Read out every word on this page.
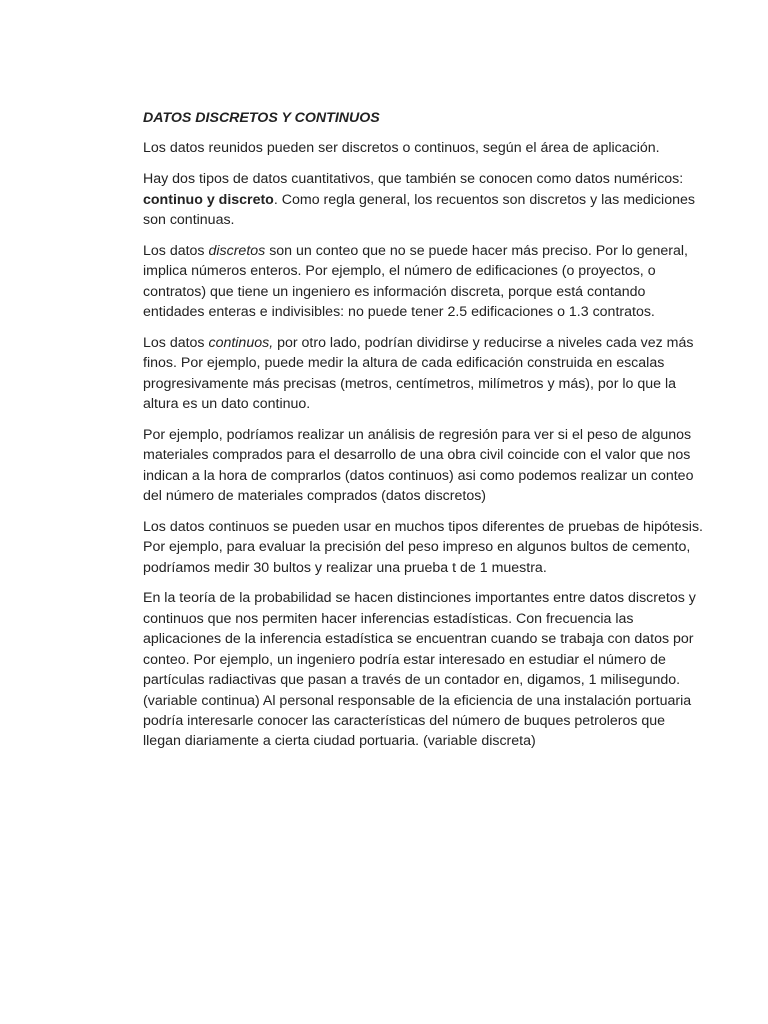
DATOS DISCRETOS Y CONTINUOS

Los datos reunidos pueden ser discretos o continuos, según el área de aplicación.

Hay dos tipos de datos cuantitativos, que también se conocen como datos numéricos: continuo y discreto. Como regla general, los recuentos son discretos y las mediciones son continuas.

Los datos discretos son un conteo que no se puede hacer más preciso. Por lo general, implica números enteros. Por ejemplo, el número de edificaciones (o proyectos, o contratos) que tiene un ingeniero es información discreta, porque está contando entidades enteras e indivisibles: no puede tener 2.5 edificaciones o 1.3 contratos.

Los datos continuos, por otro lado, podrían dividirse y reducirse a niveles cada vez más finos. Por ejemplo, puede medir la altura de cada edificación construida en escalas progresivamente más precisas (metros, centímetros, milímetros y más), por lo que la altura es un dato continuo.

Por ejemplo, podríamos realizar un análisis de regresión para ver si el peso de algunos materiales comprados para el desarrollo de una obra civil coincide con el valor que nos indican a la hora de comprarlos (datos continuos) asi como podemos realizar un conteo del número de materiales comprados (datos discretos)

Los datos continuos se pueden usar en muchos tipos diferentes de pruebas de hipótesis. Por ejemplo, para evaluar la precisión del peso impreso en algunos bultos de cemento, podríamos medir 30 bultos y realizar una prueba t de 1 muestra.

En la teoría de la probabilidad se hacen distinciones importantes entre datos discretos y continuos que nos permiten hacer inferencias estadísticas. Con frecuencia las aplicaciones de la inferencia estadística se encuentran cuando se trabaja con datos por conteo. Por ejemplo, un ingeniero podría estar interesado en estudiar el número de partículas radiactivas que pasan a través de un contador en, digamos, 1 milisegundo. (variable continua) Al personal responsable de la eficiencia de una instalación portuaria podría interesarle conocer las características del número de buques petroleros que llegan diariamente a cierta ciudad portuaria. (variable discreta)
